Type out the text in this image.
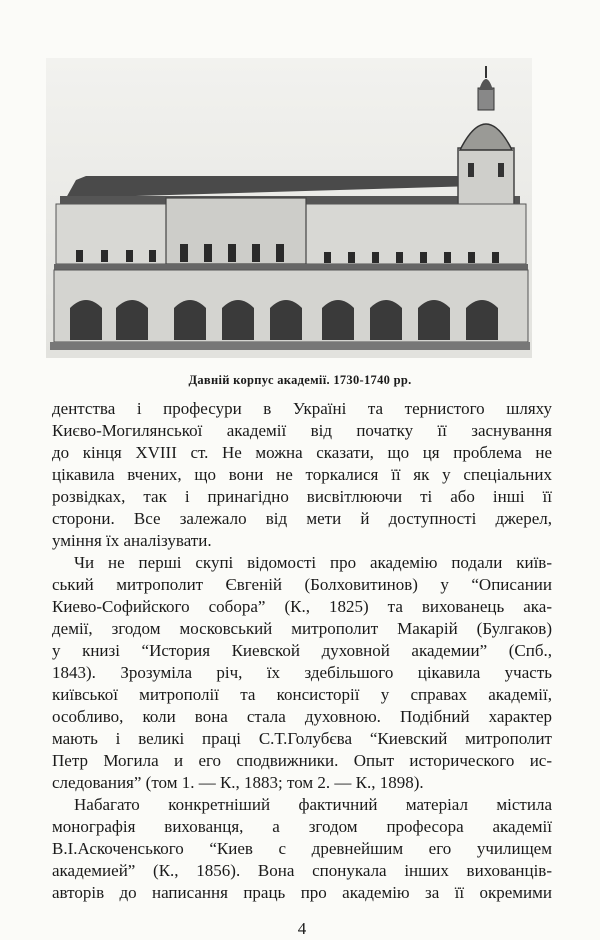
Давній корпус академії. 1730-1740 рр.
дентства і професури в Україні та тернистого шляху
Києво-Могилянської академії від початку її заснування
до кінця XVIII ст. Не можна сказати, що ця проблема не
цікавила вчених, що вони не торкалися її як у спеціальних
розвідках, так і принагідно висвітлюючи ті або інші її
сторони. Все залежало від мети й доступності джерел,
уміння їх аналізувати.
Чи не перші скупі відомості про академію подали київ-
ський митрополит Євгеній (Болховитинов) у “Описании
Киево-Софийского собора” (К., 1825) та вихованець ака-
демії, згодом московський митрополит Макарій (Булгаков)
у книзі “История Киевской духовной академии” (Спб.,
1843). Зрозуміла річ, їх здебільшого цікавила участь
київської митрополії та консисторії у справах академії,
особливо, коли вона стала духовною. Подібний характер
мають і великі праці С.Т.Голубєва “Киевский митрополит
Петр Могила и его сподвижники. Опыт исторического ис-
следования” (том 1. — К., 1883; том 2. — К., 1898).
Набагато конкретніший фактичний матеріал містила
монографія вихованця, а згодом професора академії
В.І.Аскоченського “Киев с древнейшим его училищем
академией” (К., 1856). Вона спонукала інших вихованців-
авторів до написання праць про академію за її окремими
4
